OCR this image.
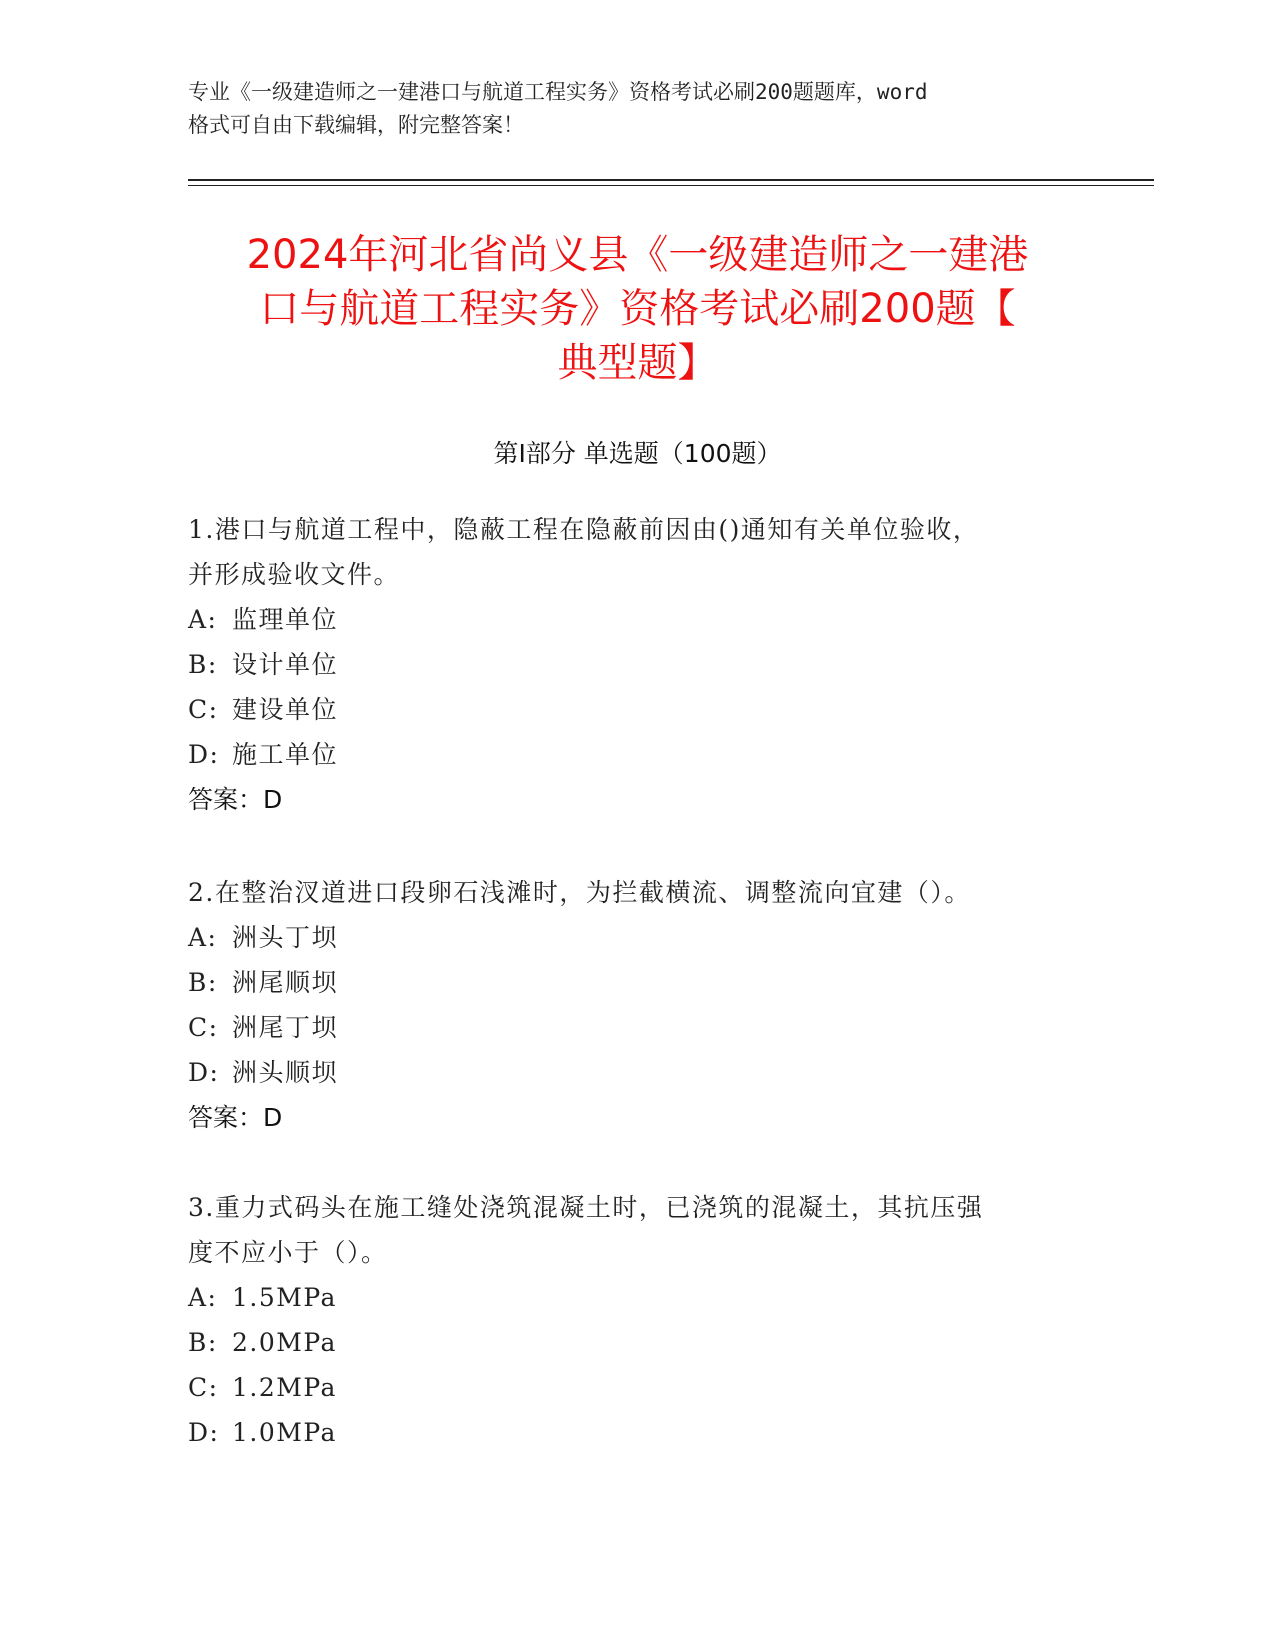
专业《一级建造师之一建港口与航道工程实务》资格考试必刷200题题库，word
格式可自由下载编辑，附完整答案！
2024年河北省尚义县《一级建造师之一建港
口与航道工程实务》资格考试必刷200题【
典型题】
第Ⅰ部分 单选题（100题）

1.港口与航道工程中，隐蔽工程在隐蔽前因由()通知有关单位验收，

并形成验收文件。

A: 监理单位

B: 设计单位

C: 建设单位

D: 施工单位

答案：D

2.在整治汊道进口段卵石浅滩时，为拦截横流、调整流向宜建（）。

A: 洲头丁坝

B: 洲尾顺坝

C: 洲尾丁坝

D: 洲头顺坝

答案：D

3.重力式码头在施工缝处浇筑混凝土时，已浇筑的混凝土，其抗压强

度不应小于（）。

A: 1.5MPa

B: 2.0MPa

C: 1.2MPa

D: 1.0MPa
